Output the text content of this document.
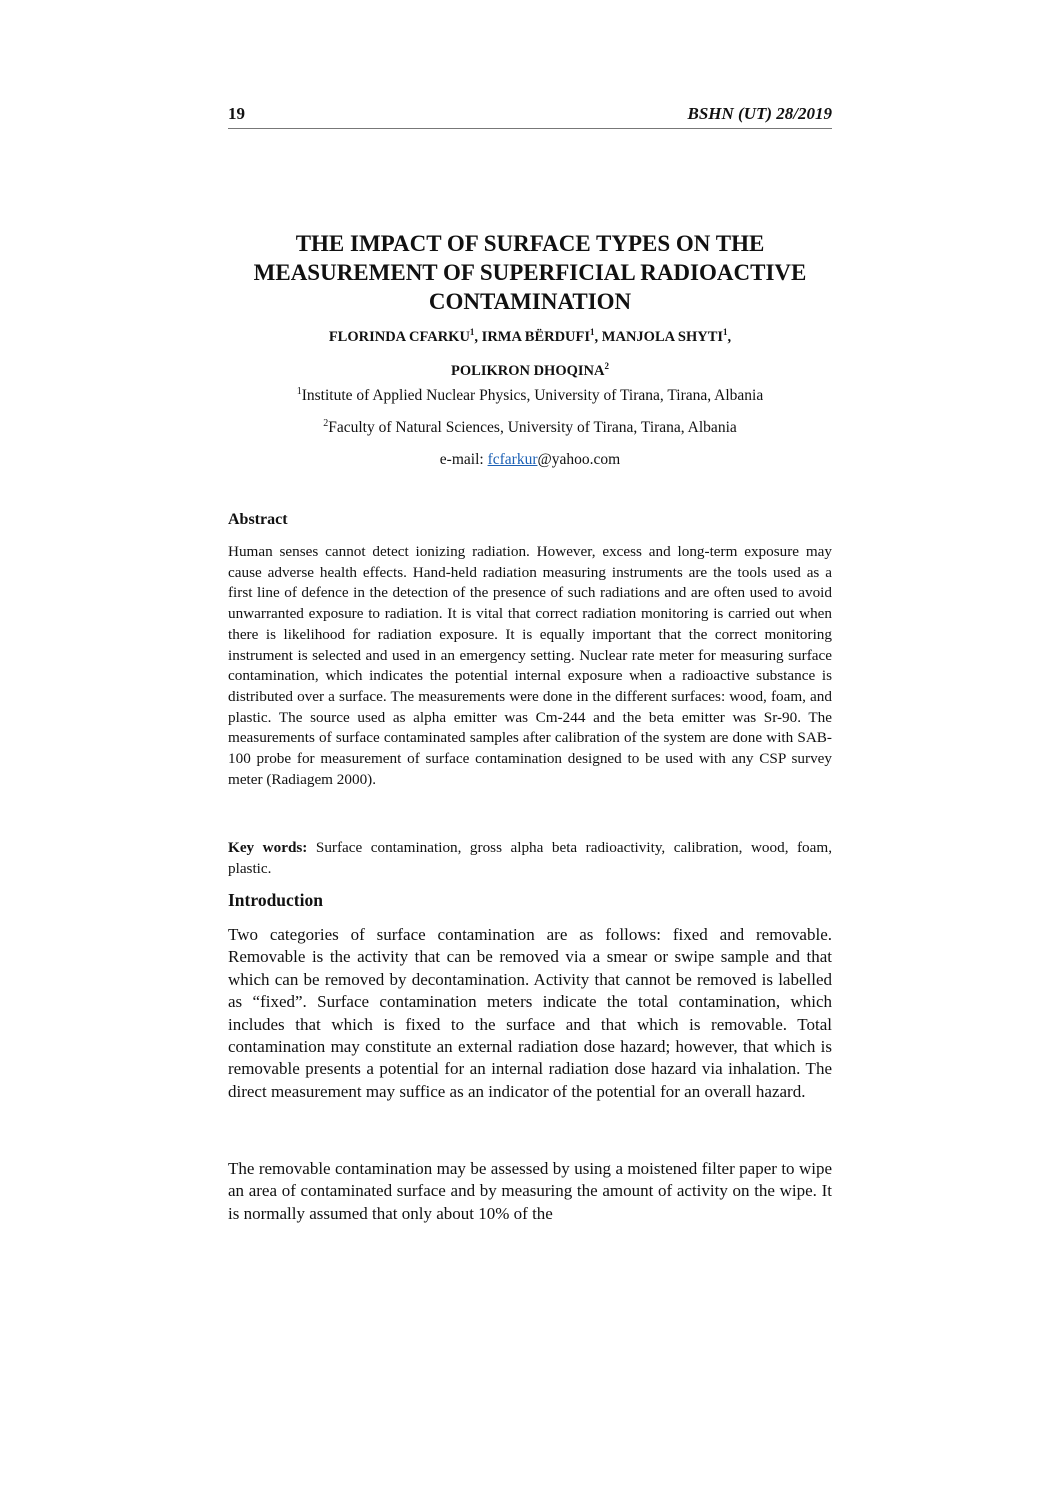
19	BSHN (UT) 28/2019
THE IMPACT OF SURFACE TYPES ON THE
MEASUREMENT OF SUPERFICIAL RADIOACTIVE
CONTAMINATION
FLORINDA CFARKU$^1$, IRMA BËRDUFI$^1$, MANJOLA SHYTI$^1$,
POLIKRON DHOQINA$^2$
$^1$Institute of Applied Nuclear Physics, University of Tirana, Tirana, Albania
$^2$Faculty of Natural Sciences, University of Tirana, Tirana, Albania
e-mail: fcfarkur@yahoo.com
Abstract

Human senses cannot detect ionizing radiation. However, excess and long-term exposure may cause adverse health effects. Hand-held radiation measuring instruments are the tools used as a first line of defence in the detection of the presence of such radiations and are often used to avoid unwarranted exposure to radiation. It is vital that correct radiation monitoring is carried out when there is likelihood for radiation exposure. It is equally important that the correct monitoring instrument is selected and used in an emergency setting. Nuclear rate meter for measuring surface contamination, which indicates the potential internal exposure when a radioactive substance is distributed over a surface. The measurements were done in the different surfaces: wood, foam, and plastic. The source used as alpha emitter was Cm-244 and the beta emitter was Sr-90. The measurements of surface contaminated samples after calibration of the system are done with SAB-100 probe for measurement of surface contamination designed to be used with any CSP survey meter (Radiagem 2000).

Key words: Surface contamination, gross alpha beta radioactivity, calibration, wood, foam, plastic.

Introduction

Two categories of surface contamination are as follows: fixed and removable. Removable is the activity that can be removed via a smear or swipe sample and that which can be removed by decontamination. Activity that cannot be removed is labelled as “fixed”. Surface contamination meters indicate the total contamination, which includes that which is fixed to the surface and that which is removable. Total contamination may constitute an external radiation dose hazard; however, that which is removable presents a potential for an internal radiation dose hazard via inhalation. The direct measurement may suffice as an indicator of the potential for an overall hazard.

The removable contamination may be assessed by using a moistened filter paper to wipe an area of contaminated surface and by measuring the amount of activity on the wipe. It is normally assumed that only about 10% of the
